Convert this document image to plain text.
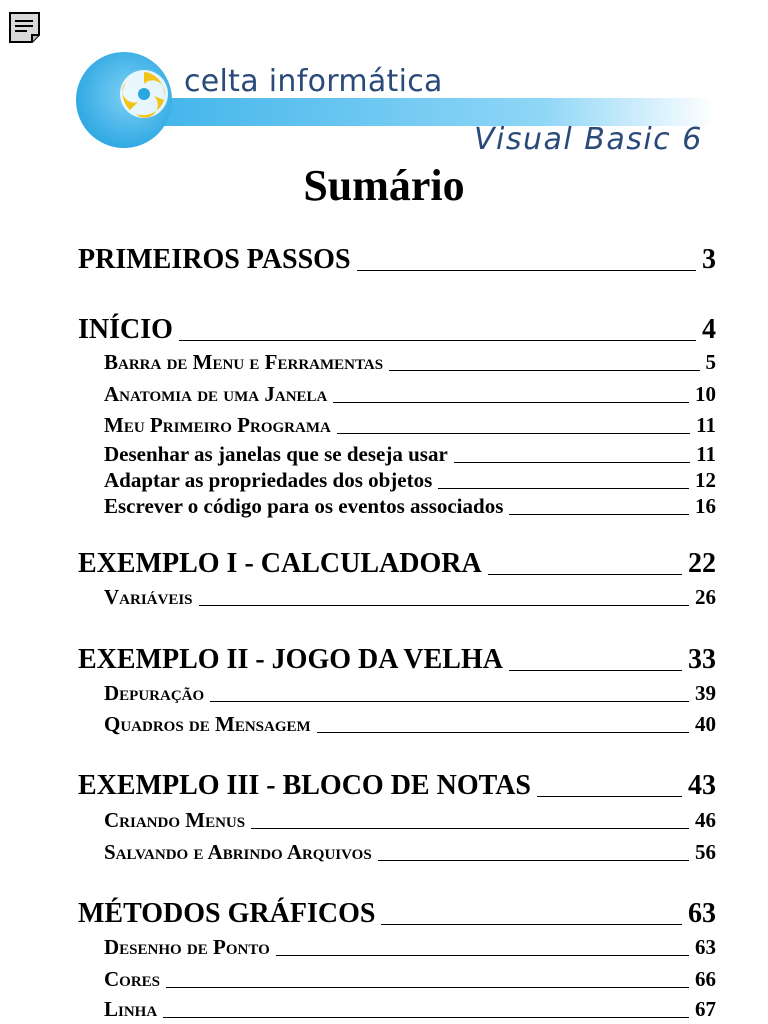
celta informática
Visual Basic 6
Sumário
PRIMEIROS PASSOS	3
INÍCIO	4
Barra de Menu e Ferramentas	5
Anatomia de uma Janela	10
Meu Primeiro Programa	11
Desenhar as janelas que se deseja usar	11
Adaptar as propriedades dos objetos	12
Escrever o código para os eventos associados	16
EXEMPLO I - CALCULADORA	22
Variáveis	26
EXEMPLO II - JOGO DA VELHA	33
Depuração	39
Quadros de Mensagem	40
EXEMPLO III - BLOCO DE NOTAS	43
Criando Menus	46
Salvando e Abrindo Arquivos	56
MÉTODOS GRÁFICOS	63
Desenho de Ponto	63
Cores	66
Linha	67
